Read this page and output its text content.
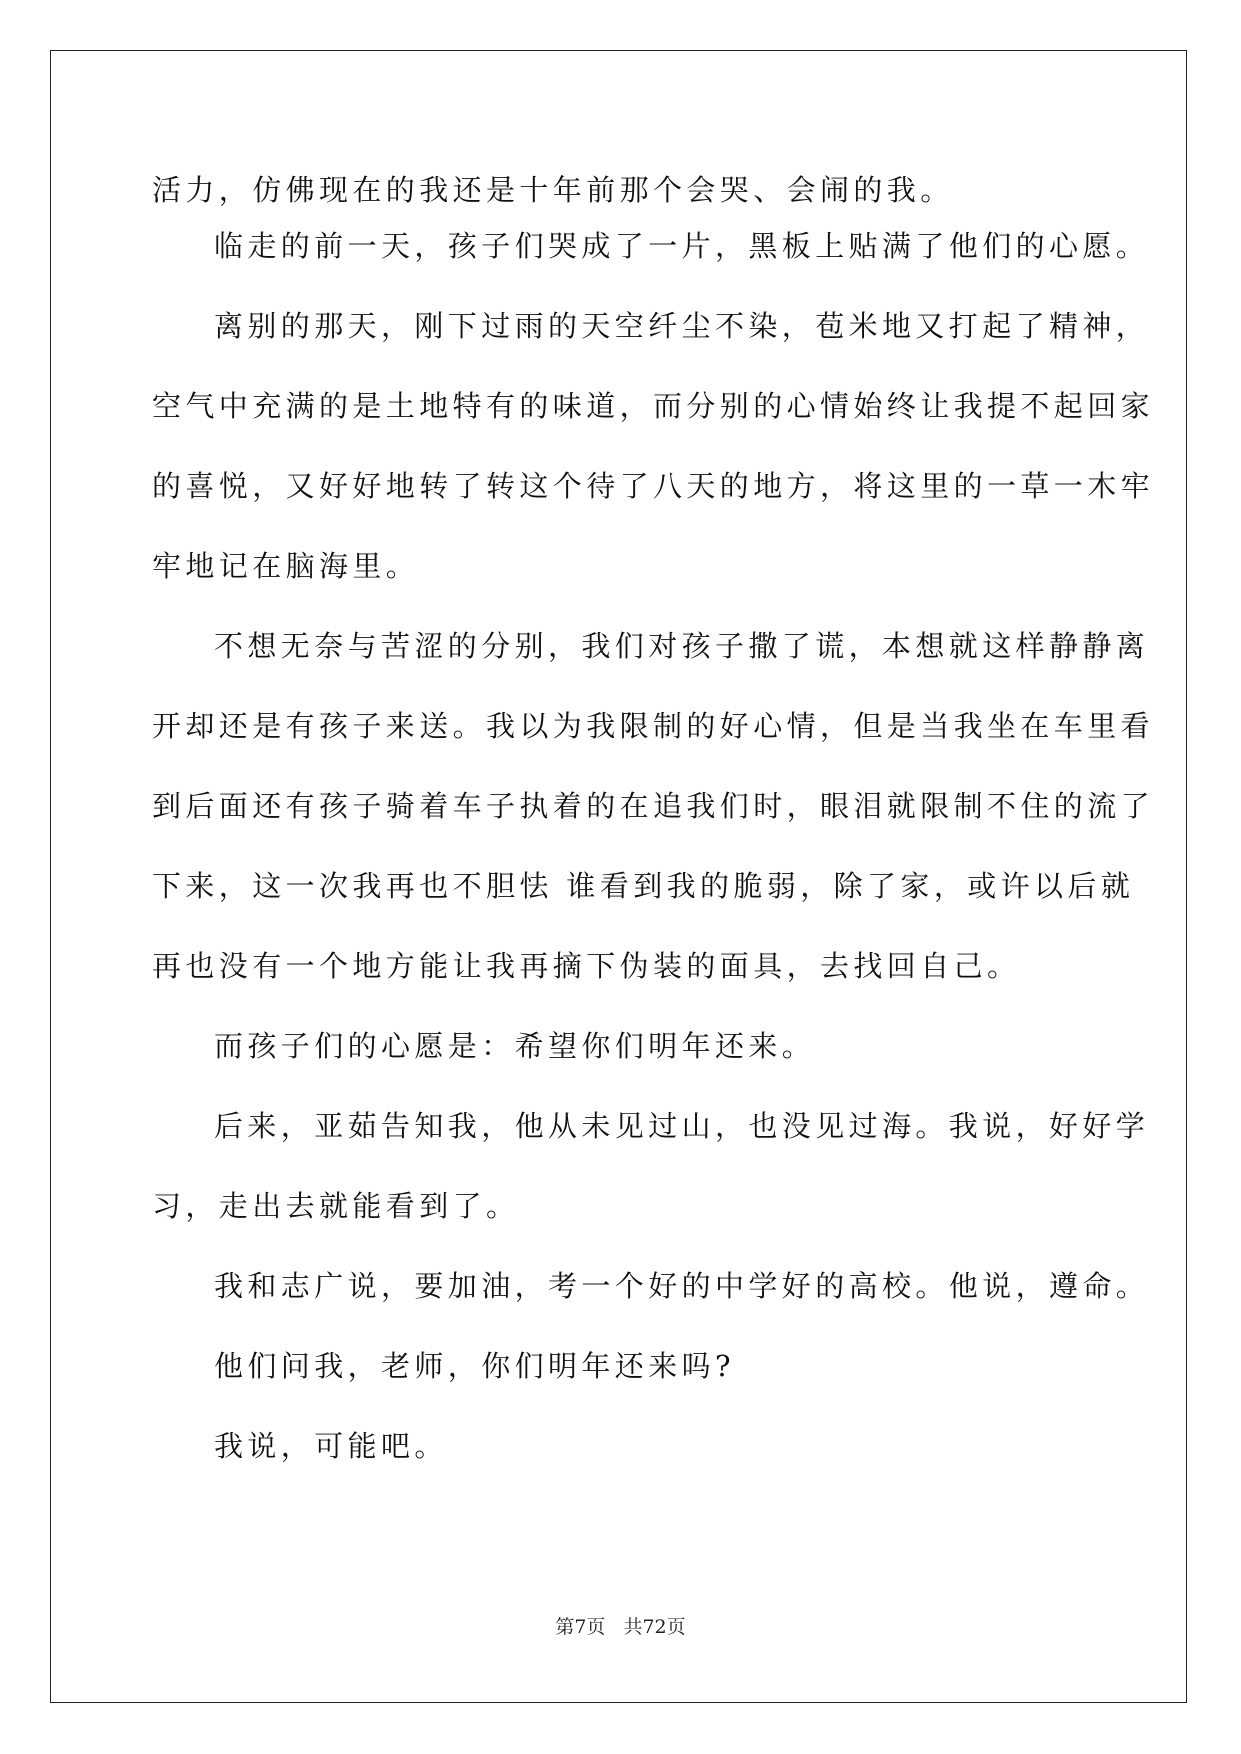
活力，仿佛现在的我还是十年前那个会哭、会闹的我。
临走的前一天，孩子们哭成了一片，黑板上贴满了他们的心愿。
离别的那天，刚下过雨的天空纤尘不染，苞米地又打起了精神，
空气中充满的是土地特有的味道，而分别的心情始终让我提不起回家
的喜悦，又好好地转了转这个待了八天的地方，将这里的一草一木牢
牢地记在脑海里。
不想无奈与苦涩的分别，我们对孩子撒了谎，本想就这样静静离
开却还是有孩子来送。我以为我限制的好心情，但是当我坐在车里看
到后面还有孩子骑着车子执着的在追我们时，眼泪就限制不住的流了
下来，这一次我再也不胆怯 谁看到我的脆弱，除了家，或许以后就
再也没有一个地方能让我再摘下伪装的面具，去找回自己。
而孩子们的心愿是：希望你们明年还来。
后来，亚茹告知我，他从未见过山，也没见过海。我说，好好学
习，走出去就能看到了。
我和志广说，要加油，考一个好的中学好的高校。他说，遵命。
他们问我，老师，你们明年还来吗?
我说，可能吧。
第7页 共72页
